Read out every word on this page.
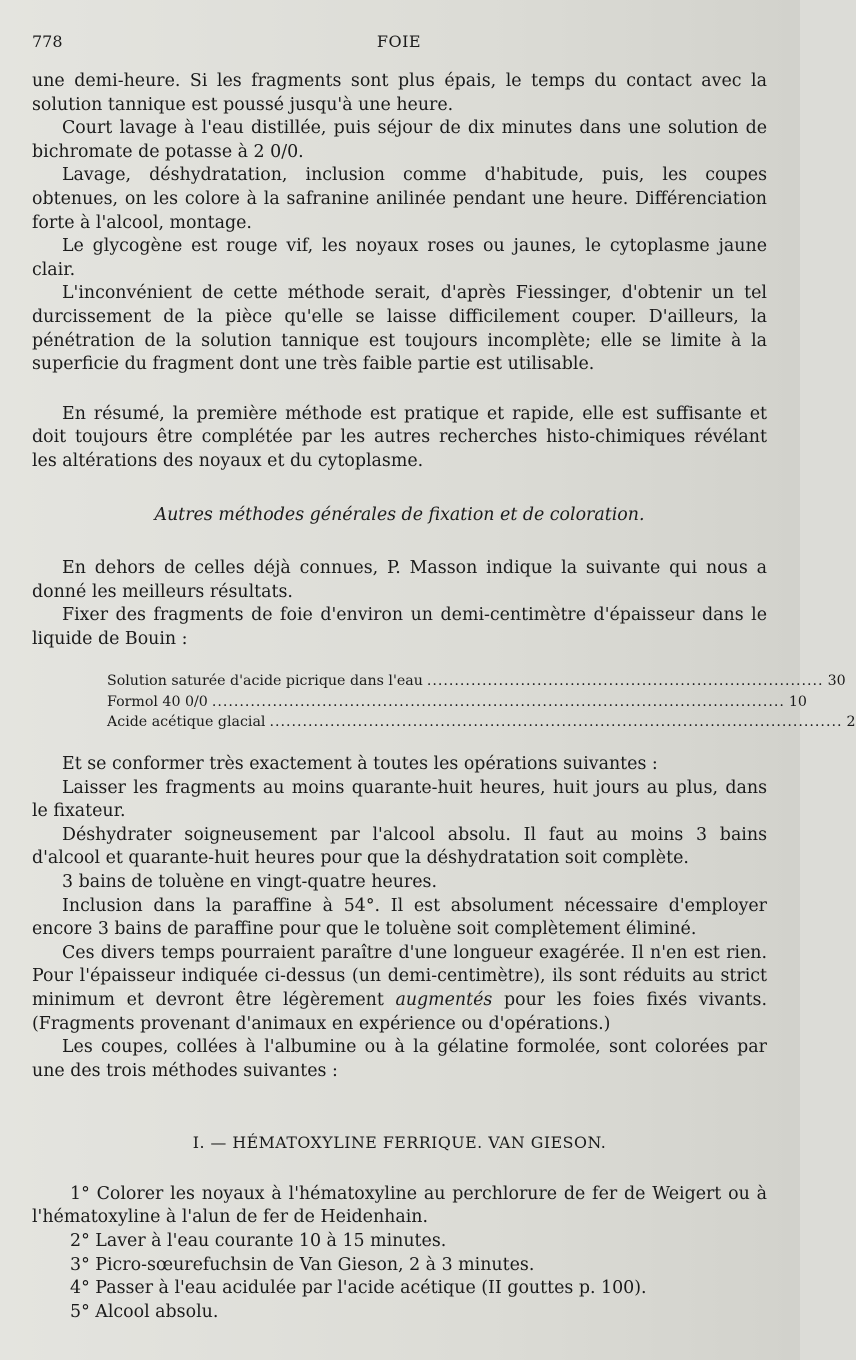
778	FOIE

une demi-heure. Si les fragments sont plus épais, le temps du contact avec la solution tannique est poussé jusqu'à une heure.

Court lavage à l'eau distillée, puis séjour de dix minutes dans une solution de bichromate de potasse à 2 0/0.

Lavage, déshydratation, inclusion comme d'habitude, puis, les coupes obtenues, on les colore à la safranine anilinée pendant une heure. Différenciation forte à l'alcool, montage.

Le glycogène est rouge vif, les noyaux roses ou jaunes, le cytoplasme jaune clair.

L'inconvénient de cette méthode serait, d'après Fiessinger, d'obtenir un tel durcissement de la pièce qu'elle se laisse difficilement couper. D'ailleurs, la pénétration de la solution tannique est toujours incomplète; elle se limite à la superficie du fragment dont une très faible partie est utilisable.

En résumé, la première méthode est pratique et rapide, elle est suffisante et doit toujours être complétée par les autres recherches histo-chimiques révélant les altérations des noyaux et du cytoplasme.

Autres méthodes générales de fixation et de coloration.

En dehors de celles déjà connues, P. Masson indique la suivante qui nous a donné les meilleurs résultats.

Fixer des fragments de foie d'environ un demi-centimètre d'épaisseur dans le liquide de Bouin :

Solution saturée d'acide picrique dans l'eau ........................................................................ 30
Formol 40 0/0 ........................................................................................................ 10
Acide acétique glacial ........................................................................................................ 2

Et se conformer très exactement à toutes les opérations suivantes :

Laisser les fragments au moins quarante-huit heures, huit jours au plus, dans le fixateur.

Déshydrater soigneusement par l'alcool absolu. Il faut au moins 3 bains d'alcool et quarante-huit heures pour que la déshydratation soit complète.

3 bains de toluène en vingt-quatre heures.

Inclusion dans la paraffine à 54°. Il est absolument nécessaire d'employer encore 3 bains de paraffine pour que le toluène soit complètement éliminé.

Ces divers temps pourraient paraître d'une longueur exagérée. Il n'en est rien. Pour l'épaisseur indiquée ci-dessus (un demi-centimètre), ils sont réduits au strict minimum et devront être légèrement augmentés pour les foies fixés vivants. (Fragments provenant d'animaux en expérience ou d'opérations.)

Les coupes, collées à l'albumine ou à la gélatine formolée, sont colorées par une des trois méthodes suivantes :

I. — HÉMATOXYLINE FERRIQUE. VAN GIESON.

1° Colorer les noyaux à l'hématoxyline au perchlorure de fer de Weigert ou à l'hématoxyline à l'alun de fer de Heidenhain.

2° Laver à l'eau courante 10 à 15 minutes.

3° Picro-sœurefuchsin de Van Gieson, 2 à 3 minutes.

4° Passer à l'eau acidulée par l'acide acétique (II gouttes p. 100).

5° Alcool absolu.
